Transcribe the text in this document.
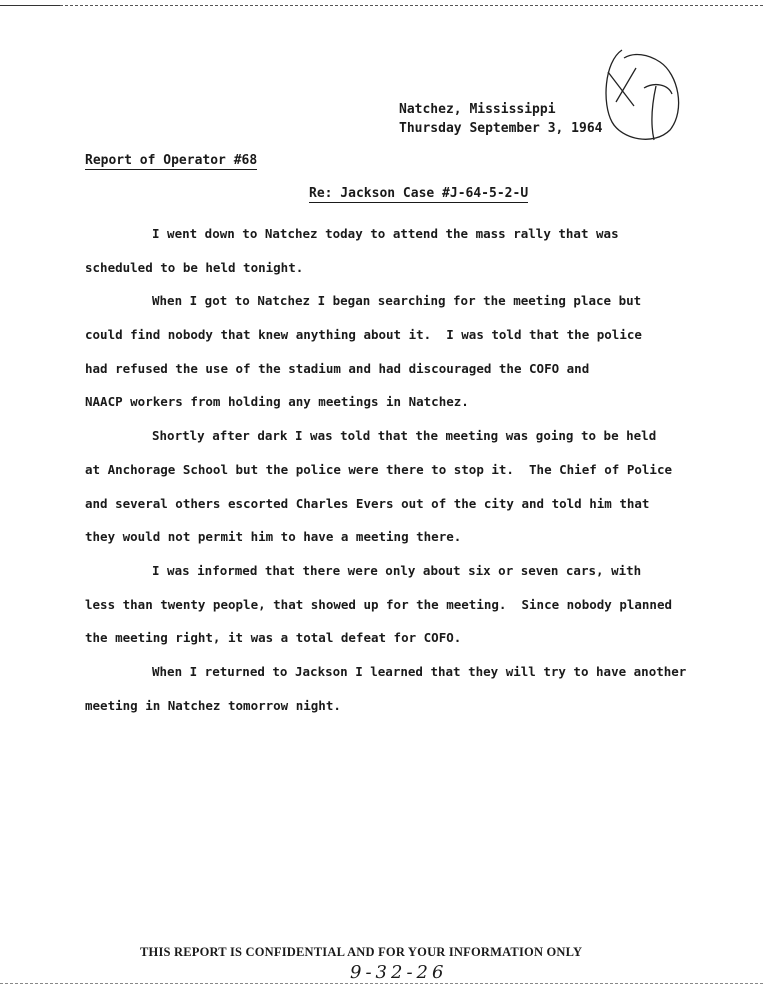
Natchez, Mississippi
Thursday September 3, 1964
Report of Operator #68
Re: Jackson Case #J-64-5-2-U
I went down to Natchez today to attend the mass rally that was
scheduled to be held tonight.
When I got to Natchez I began searching for the meeting place but
could find nobody that knew anything about it.  I was told that the police
had refused the use of the stadium and had discouraged the COFO and
NAACP workers from holding any meetings in Natchez.
Shortly after dark I was told that the meeting was going to be held
at Anchorage School but the police were there to stop it.  The Chief of Police
and several others escorted Charles Evers out of the city and told him that
they would not permit him to have a meeting there.
I was informed that there were only about six or seven cars, with
less than twenty people, that showed up for the meeting.  Since nobody planned
the meeting right, it was a total defeat for COFO.
When I returned to Jackson I learned that they will try to have another
meeting in Natchez tomorrow night.
THIS REPORT IS CONFIDENTIAL AND FOR YOUR INFORMATION ONLY
9-32-26
